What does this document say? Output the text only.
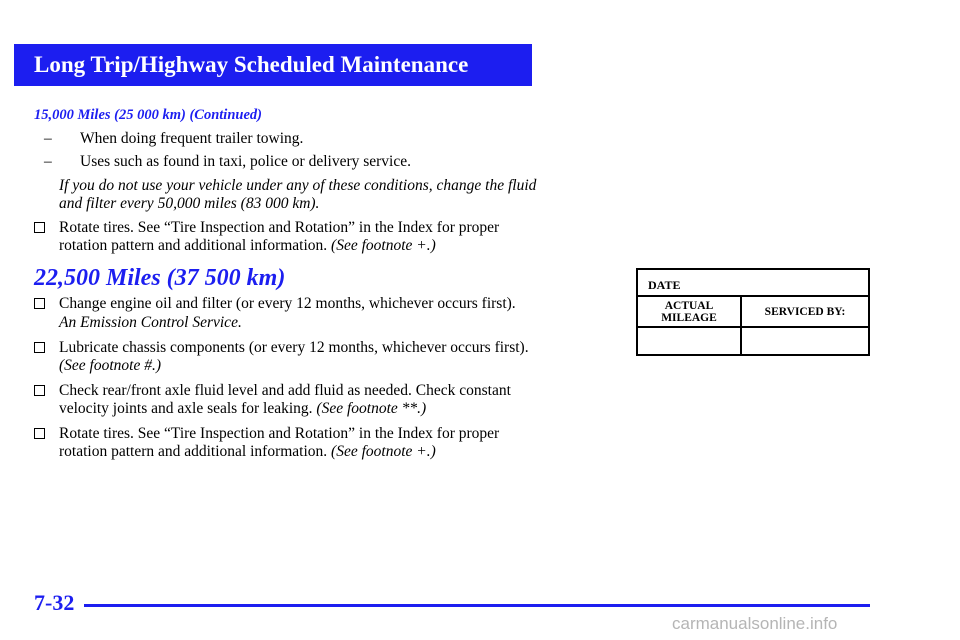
Long Trip/Highway Scheduled Maintenance
15,000 Miles (25 000 km) (Continued)
– When doing frequent trailer towing.
– Uses such as found in taxi, police or delivery service.
If you do not use your vehicle under any of these conditions, change the fluid
and filter every 50,000 miles (83 000 km).
Rotate tires. See “Tire Inspection and Rotation” in the Index for proper
rotation pattern and additional information. (See footnote +.)
22,500 Miles (37 500 km)
Change engine oil and filter (or every 12 months, whichever occurs first).
An Emission Control Service.
Lubricate chassis components (or every 12 months, whichever occurs first).
(See footnote #.)
Check rear/front axle fluid level and add fluid as needed. Check constant
velocity joints and axle seals for leaking. (See footnote **.)
Rotate tires. See “Tire Inspection and Rotation” in the Index for proper
rotation pattern and additional information. (See footnote +.)
DATE
ACTUAL
MILEAGE	SERVICED BY:
7-32
carmanualsonline.info
